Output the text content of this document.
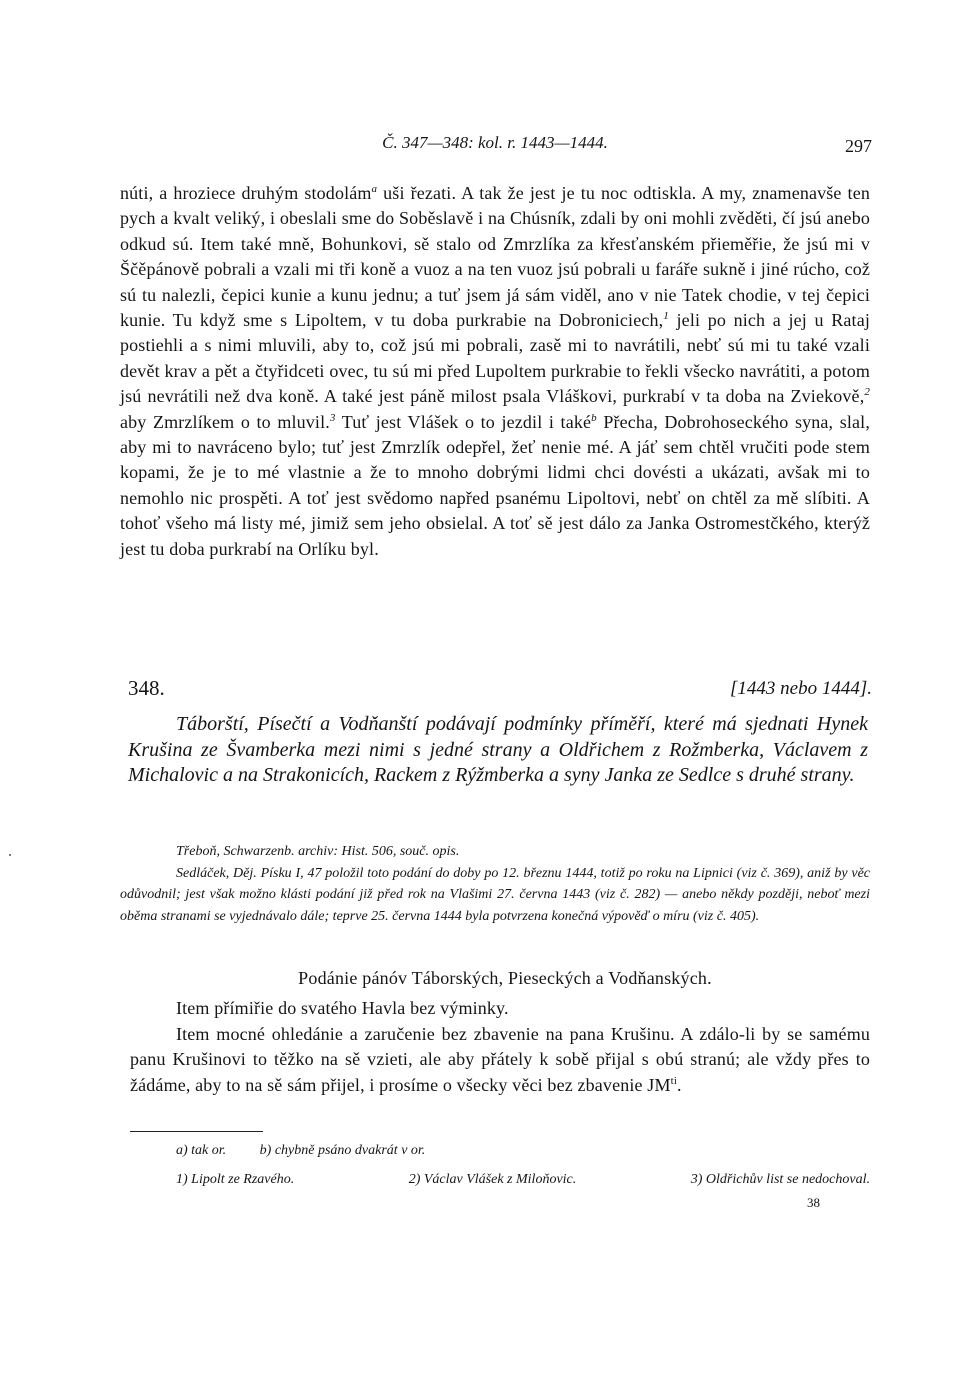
Č. 347—348: kol. r. 1443—1444.	297

núti, a hroziece druhým stodolám$^a$ uši řezati. A tak že jest je tu noc odtiskla. A my, znamenavše ten pych a kvalt veliký, i obeslali sme do Soběslavě i na Chúsník, zdali by oni mohli zvěděti, čí jsú anebo odkud sú. Item také mně, Bohunkovi, sě stalo od Zmrzlíka za křesťanském přieměřie, že jsú mi v Ščěpánově pobrali a vzali mi tři koně a vuoz a na ten vuoz jsú pobrali u faráře sukně i jiné rúcho, což sú tu nalezli, čepici kunie a kunu jednu; a tuť jsem já sám viděl, ano v nie Tatek chodie, v tej čepici kunie. Tu když sme s Lipoltem, v tu doba purkrabie na Dobroniciech,$^1$ jeli po nich a jej u Rataj postiehli a s nimi mluvili, aby to, což jsú mi pobrali, zasě mi to navrátili, nebť sú mi tu také vzali devět krav a pět a čtyřidceti ovec, tu sú mi před Lupoltem purkrabie to řekli všecko navrátiti, a potom jsú nevrátili než dva koně. A také jest páně milost psala Vláškovi, purkrabí v ta doba na Zviekově,$^2$ aby Zmrzlíkem o to mluvil.$^3$ Tuť jest Vlášek o to jezdil i také$^b$ Přecha, Dobrohoseckého syna, slal, aby mi to navráceno bylo; tuť jest Zmrzlík odepřel, žeť nenie mé. A jáť sem chtěl vručiti pode stem kopami, že je to mé vlastnie a že to mnoho dobrými lidmi chci dovésti a ukázati, avšak mi to nemohlo nic prospěti. A toť jest svědomo napřed psanému Lipoltovi, nebť on chtěl za mě slíbiti. A tohoť všeho má listy mé, jimiž sem jeho obsielal. A toť sě jest dálo za Janka Ostromestčkého, kterýž jest tu doba purkrabí na Orlíku byl.

348.	[1443 nebo 1444].

Táborští, Písečtí a Vodňanští podávají podmínky příměří, které má sjednati Hynek Krušina ze Švamberka mezi nimi s jedné strany a Oldřichem z Rožmberka, Václavem z Michalovic a na Strakonicích, Rackem z Rýžmberka a syny Janka ze Sedlce s druhé strany.

Třeboň, Schwarzenb. archiv: Hist. 506, souč. opis.
Sedláček, Děj. Písku I, 47 položil toto podání do doby po 12. březnu 1444, totiž po roku na Lipnici (viz č. 369), aniž by věc odůvodnil; jest však možno klásti podání již před rok na Vlašimi 27. června 1443 (viz č. 282) — anebo někdy později, neboť mezi oběma stranami se vyjednávalo dále; teprve 25. června 1444 byla potvrzena konečná výpověď o míru (viz č. 405).
Podánie pánóv Táborských, Pieseckých a Vodňanských.

Item přímiřie do svatého Havla bez výminky.

Item mocné ohledánie a zaručenie bez zbavenie na pana Krušinu. A zdálo-li by se samému panu Krušinovi to těžko na sě vzieti, ale aby přátely k sobě přijal s obú stranú; ale vždy přes to žádáme, aby to na sě sám přijel, i prosíme o všecky věci bez zbavenie $JM^{ti}$.

a) tak or. b) chybně psáno dvakrát v or.
1) Lipolt ze Rzavého.	2) Václav Vlášek z Miloňovic.	3) Oldřichův list se nedochoval.
38
